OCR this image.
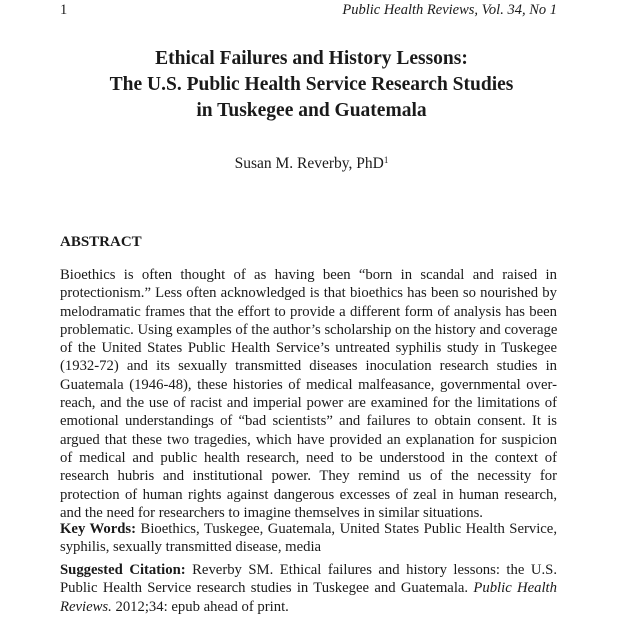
1	Public Health Reviews, Vol. 34, No 1
Ethical Failures and History Lessons:
The U.S. Public Health Service Research Studies
in Tuskegee and Guatemala
Susan M. Reverby, PhD$^1$
ABSTRACT
Bioethics is often thought of as having been “born in scandal and raised in
protectionism.” Less often acknowledged is that bioethics has been so nourished by
melodramatic frames that the effort to provide a different form of analysis has been
problematic. Using examples of the author’s scholarship on the history and coverage
of the United States Public Health Service’s untreated syphilis study in Tuskegee
(1932-72) and its sexually transmitted diseases inoculation research studies in
Guatemala (1946-48), these histories of medical malfeasance, governmental over-
reach, and the use of racist and imperial power are examined for the limitations of
emotional understandings of “bad scientists” and failures to obtain consent. It is
argued that these two tragedies, which have provided an explanation for suspicion
of medical and public health research, need to be understood in the context of
research hubris and institutional power. They remind us of the necessity for
protection of human rights against dangerous excesses of zeal in human research,
and the need for researchers to imagine themselves in similar situations.
Key Words: Bioethics, Tuskegee, Guatemala, United States Public Health Service,
syphilis, sexually transmitted disease, media
Suggested Citation: Reverby SM. Ethical failures and history lessons: the U.S.
Public Health Service research studies in Tuskegee and Guatemala. Public Health
Reviews. 2012;34: epub ahead of print.
